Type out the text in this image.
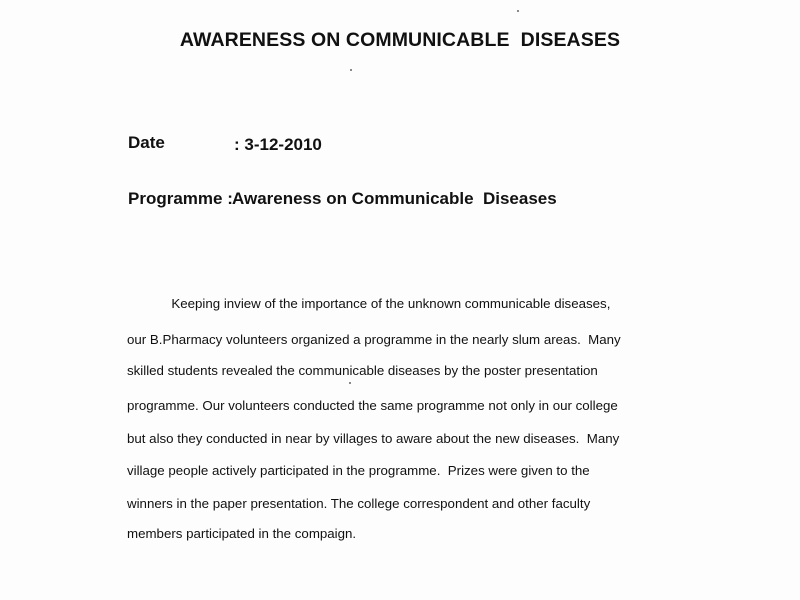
AWARENESS ON COMMUNICABLE  DISEASES
Date	: 3-12-2010
Programme : Awareness on Communicable  Diseases
Keeping inview of the importance of the unknown communicable diseases,
our B.Pharmacy volunteers organized a programme in the nearly slum areas.  Many
skilled students revealed the communicable diseases by the poster presentation
programme. Our volunteers conducted the same programme not only in our college
but also they conducted in near by villages to aware about the new diseases.  Many
village people actively participated in the programme.  Prizes were given to the
winners in the paper presentation. The college correspondent and other faculty
members participated in the compaign.
